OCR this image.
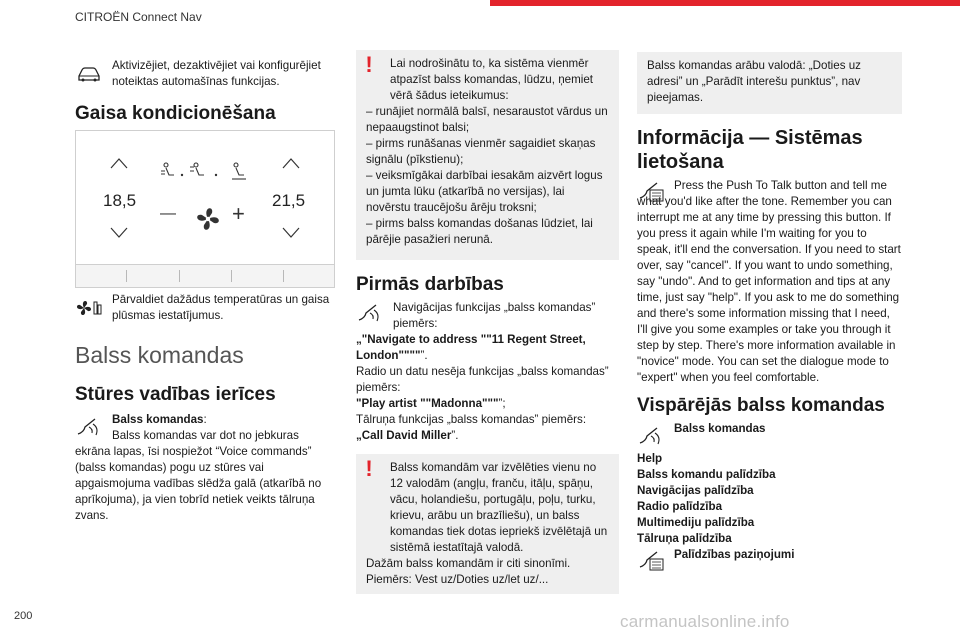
CITROËN Connect Nav

Aktivizējiet, dezaktivējiet vai konfigurējiet noteiktas automašīnas funkcijas.

Gaisa kondicionēšana
18,5	21,5
—	+

Pārvaldiet dažādus temperatūras un gaisa plūsmas iestatījumus.

Balss komandas
Stūres vadības ierīces

Balss komandas:

Balss komandas var dot no jebkuras ekrāna lapas, īsi nospiežot “Voice commands” (balss komandas) pogu uz stūres vai apgaismojuma vadības slēdža galā (atkarībā no aprīkojuma), ja vien tobrīd netiek veikts tālruņa zvans.

!	Lai nodrošinātu to, ka sistēma vienmēr atpazīst balss komandas, lūdzu, ņemiet vērā šādus ieteikumus:

– runājiet normālā balsī, nesaraustot vārdus un nepaaugstinot balsi;

– pirms runāšanas vienmēr sagaidiet skaņas signālu (pīkstienu);

– veiksmīgākai darbībai iesakām aizvērt logus un jumta lūku (atkarībā no versijas), lai novērstu traucējošu ārēju troksni;

– pirms balss komandas došanas lūdziet, lai pārējie pasažieri nerunā.

Pirmās darbības

Navigācijas funkcijas „balss komandas” piemērs:

„"Navigate to address ""11 Regent Street, London""""”.

Radio un datu nesēja funkcijas „balss komandas” piemērs:

"Play artist ""Madonna"""”;

Tālruņa funkcijas „balss komandas” piemērs:

„Call David Miller”.

!	Balss komandām var izvēlēties vienu no 12 valodām (angļu, franču, itāļu, spāņu, vācu, holandiešu, portugāļu, poļu, turku, krievu, arābu un brazīliešu), un balss komandas tiek dotas iepriekš izvēlētajā un sistēmā iestatītajā valodā.

Dažām balss komandām ir citi sinonīmi.

Piemērs: Vest uz/Doties uz/let uz/...

Balss komandas arābu valodā: „Doties uz adresi” un „Parādīt interešu punktus”, nav pieejamas.

Informācija — Sistēmas lietošana

Press the Push To Talk button and tell me what you'd like after the tone. Remember you can interrupt me at any time by pressing this button. If you press it again while I'm waiting for you to speak, it'll end the conversation. If you need to start over, say "cancel". If you want to undo something, say "undo". And to get information and tips at any time, just say "help". If you ask to me do something and there's some information missing that I need, I'll give you some examples or take you through it step by step. There's more information available in "novice" mode. You can set the dialogue mode to "expert" when you feel comfortable.

Vispārējās balss komandas

Balss komandas

Help

Balss komandu palīdzība

Navigācijas palīdzība

Radio palīdzība

Multimediju palīdzība

Tālruņa palīdzība

Palīdzības paziņojumi

200	carmanualsonline.info
